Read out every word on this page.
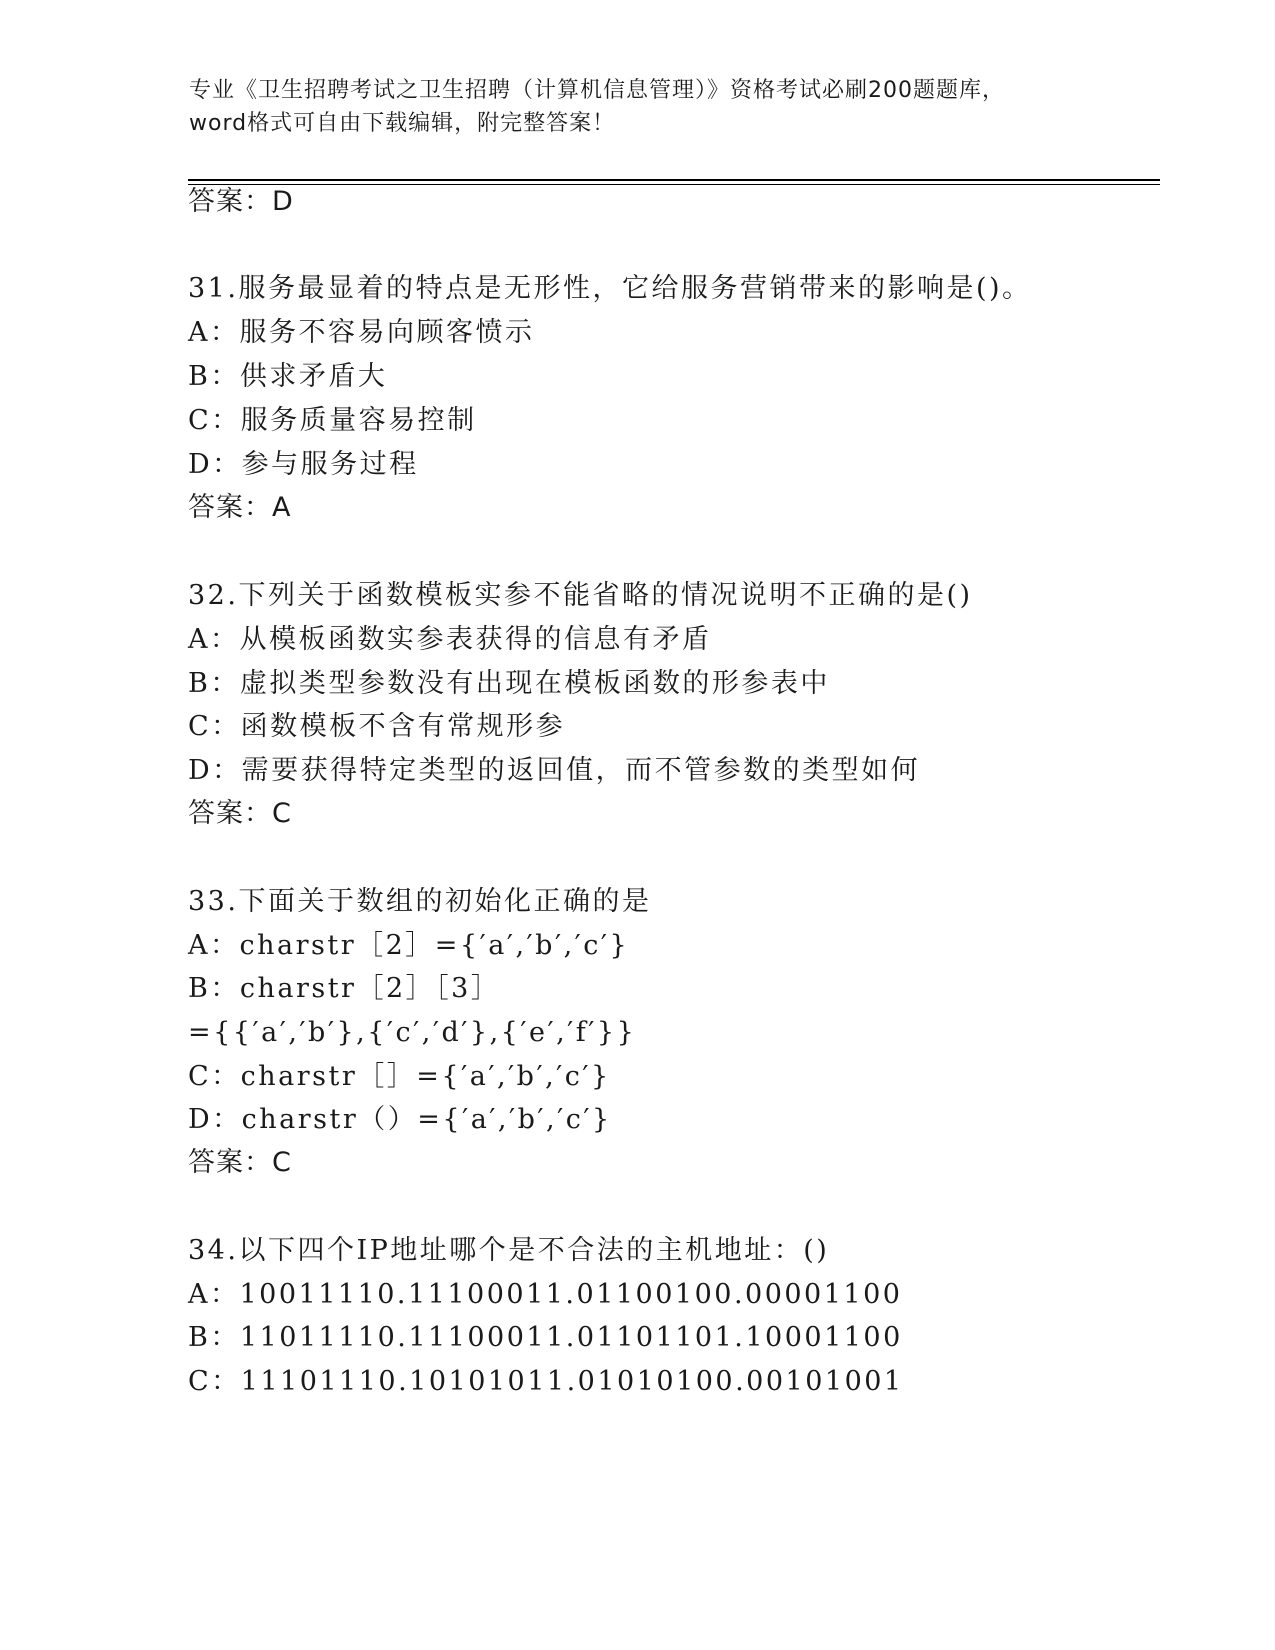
专业《卫生招聘考试之卫生招聘（计算机信息管理）》资格考试必刷200题题库，
word格式可自由下载编辑，附完整答案！
答案：D
31.服务最显着的特点是无形性，它给服务营销带来的影响是()。
A：服务不容易向顾客愤示
B：供求矛盾大
C：服务质量容易控制
D：参与服务过程
答案：A
32.下列关于函数模板实参不能省略的情况说明不正确的是()
A：从模板函数实参表获得的信息有矛盾
B：虚拟类型参数没有出现在模板函数的形参表中
C：函数模板不含有常规形参
D：需要获得特定类型的返回值，而不管参数的类型如何
答案：C
33.下面关于数组的初始化正确的是
A：charstr［2］={′a′,′b′,′c′}
B：charstr［2］［3］
={{′a′,′b′},{′c′,′d′},{′e′,′f′}}
C：charstr［］={′a′,′b′,′c′}
D：charstr（）={′a′,′b′,′c′}
答案：C
34.以下四个IP地址哪个是不合法的主机地址：()
A：10011110.11100011.01100100.00001100
B：11011110.11100011.01101101.10001100
C：11101110.10101011.01010100.00101001
